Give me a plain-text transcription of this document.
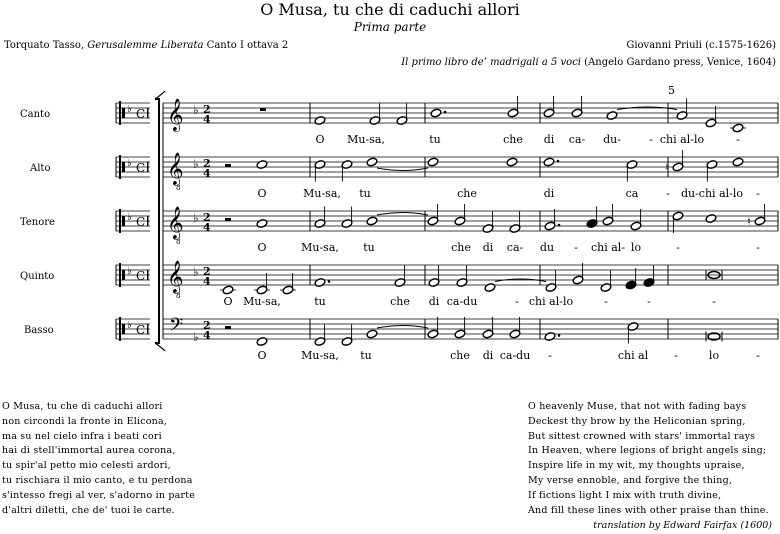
O Musa, tu che di caduchi allori
Prima parte
Torquato Tasso, Gerusalemme Liberata Canto I ottava 2	Giovanni Priuli (c.1575-1626)
Il primo libro de’ madrigali a 5 voci (Angelo Gardano press, Venice, 1604)
Canto	♭ C 𝄞 ♭ 2
4
O Mu-sa,	tu	che di ca- du-	- chi al-lo	-
Alto	♭ C 𝄞
8
♭ 2
4	♮
O	Mu-sa, tu	che	di	ca	- du-chi al-lo -
Tenore	♭ C 𝄞
8
♭ 2
4	♮
O	Mu-sa, tu	che di ca- du - chi al- lo	-	-
Quinto	♭ C 𝄞
8
♭ 2
4
O Mu-sa,	tu	che di ca-du	- chi al-lo	-	-	-
Basso	♭ C 𝄢 ♭
2
4
O	Mu-sa, tu	che di ca-du -	chi al -	lo	-
5
translation by Edward Fairfax (1600)
O Musa, tu che di caduchi allori
non circondi la fronte in Elicona,
ma su nel cielo infra i beati cori
hai di stell'immortal aurea corona,
tu spir'al petto mio celesti ardori,
tu rischiara il mio canto, e tu perdona
s'intesso fregi al ver, s'adorno in parte
d'altri diletti, che de' tuoi le carte.
O heavenly Muse, that not with fading bays
Deckest thy brow by the Heliconian spring,
But sittest crowned with stars' immortal rays
In Heaven, where legions of bright angels sing;
Inspire life in my wit, my thoughts upraise,
My verse ennoble, and forgive the thing,
If fictions light I mix with truth divine,
And fill these lines with other praise than thine.
